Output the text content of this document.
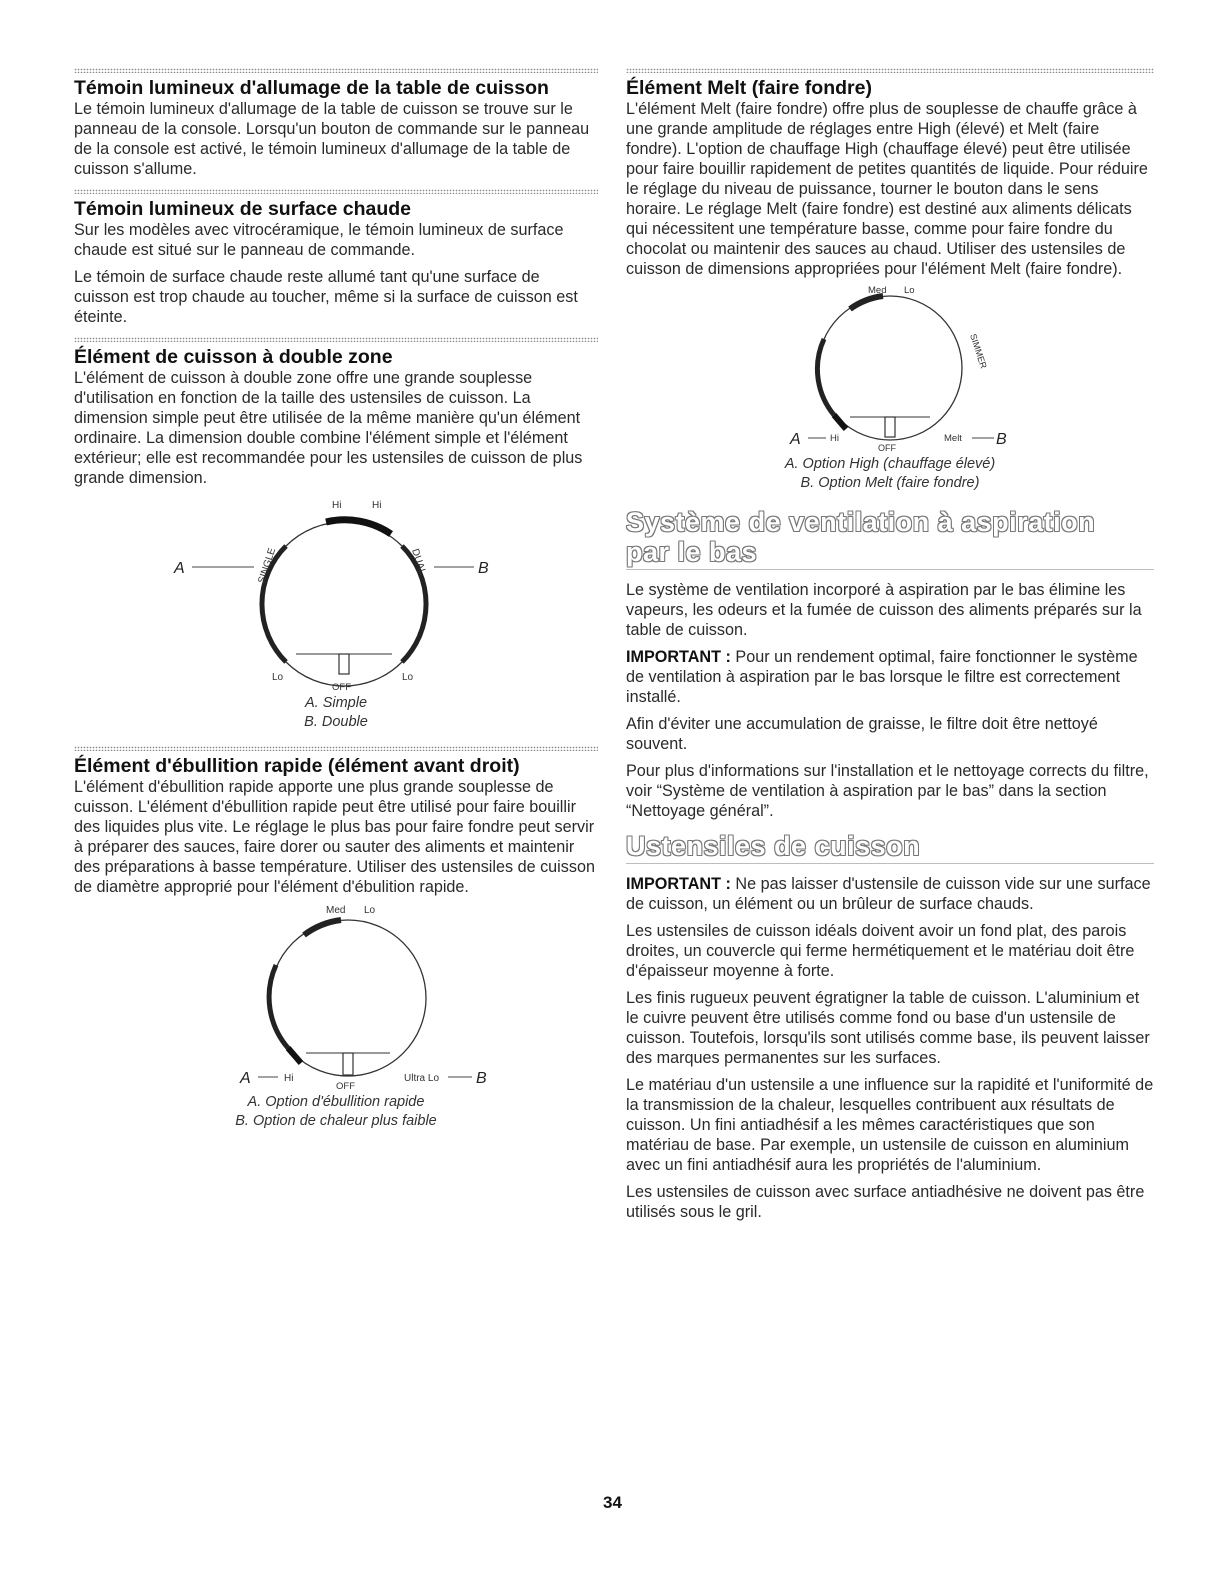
Témoin lumineux d'allumage de la table de cuisson

Le témoin lumineux d'allumage de la table de cuisson se trouve sur le panneau de la console. Lorsqu'un bouton de commande sur le panneau de la console est activé, le témoin lumineux d'allumage de la table de cuisson s'allume.

Témoin lumineux de surface chaude

Sur les modèles avec vitrocéramique, le témoin lumineux de surface chaude est situé sur le panneau de commande.

Le témoin de surface chaude reste allumé tant qu'une surface de cuisson est trop chaude au toucher, même si la surface de cuisson est éteinte.

Élément de cuisson à double zone

L'élément de cuisson à double zone offre une grande souplesse d'utilisation en fonction de la taille des ustensiles de cuisson. La dimension simple peut être utilisée de la même manière qu'un élément ordinaire. La dimension double combine l'élément simple et l'élément extérieur; elle est recommandée pour les ustensiles de cuisson de plus grande dimension.

Hi	Hi
SINGLE	DUAL
Lo	Lo
OFF
A	B
A. Simple
B. Double
Élément d'ébullition rapide (élément avant droit)

L'élément d'ébullition rapide apporte une plus grande souplesse de cuisson. L'élément d'ébullition rapide peut être utilisé pour faire bouillir des liquides plus vite. Le réglage le plus bas pour faire fondre peut servir à préparer des sauces, faire dorer ou sauter des aliments et maintenir des préparations à basse température. Utiliser des ustensiles de cuisson de diamètre approprié pour l'élément d'ébulition rapide.

Med Lo
Hi	Ultra Lo
OFF
A	B
A. Option d'ébullition rapide
B. Option de chaleur plus faible
Élément Melt (faire fondre)

L'élément Melt (faire fondre) offre plus de souplesse de chauffe grâce à une grande amplitude de réglages entre High (élevé) et Melt (faire fondre). L'option de chauffage High (chauffage élevé) peut être utilisée pour faire bouillir rapidement de petites quantités de liquide. Pour réduire le réglage du niveau de puissance, tourner le bouton dans le sens horaire. Le réglage Melt (faire fondre) est destiné aux aliments délicats qui nécessitent une température basse, comme pour faire fondre du chocolat ou maintenir des sauces au chaud. Utiliser des ustensiles de cuisson de dimensions appropriées pour l'élément Melt (faire fondre).

Med Lo
SIMMER
Hi	Melt
OFF
A	B
A. Option High (chauffage élevé)
B. Option Melt (faire fondre)
Système de ventilation à aspiration
par le bas

Le système de ventilation incorporé à aspiration par le bas élimine les vapeurs, les odeurs et la fumée de cuisson des aliments préparés sur la table de cuisson.

IMPORTANT : Pour un rendement optimal, faire fonctionner le système de ventilation à aspiration par le bas lorsque le filtre est correctement installé.

Afin d'éviter une accumulation de graisse, le filtre doit être nettoyé souvent.

Pour plus d'informations sur l'installation et le nettoyage corrects du filtre, voir “Système de ventilation à aspiration par le bas” dans la section “Nettoyage général”.

Ustensiles de cuisson

IMPORTANT : Ne pas laisser d'ustensile de cuisson vide sur une surface de cuisson, un élément ou un brûleur de surface chauds.

Les ustensiles de cuisson idéals doivent avoir un fond plat, des parois droites, un couvercle qui ferme hermétiquement et le matériau doit être d'épaisseur moyenne à forte.

Les finis rugueux peuvent égratigner la table de cuisson. L'aluminium et le cuivre peuvent être utilisés comme fond ou base d'un ustensile de cuisson. Toutefois, lorsqu'ils sont utilisés comme base, ils peuvent laisser des marques permanentes sur les surfaces.

Le matériau d'un ustensile a une influence sur la rapidité et l'uniformité de la transmission de la chaleur, lesquelles contribuent aux résultats de cuisson. Un fini antiadhésif a les mêmes caractéristiques que son matériau de base. Par exemple, un ustensile de cuisson en aluminium avec un fini antiadhésif aura les propriétés de l'aluminium.

Les ustensiles de cuisson avec surface antiadhésive ne doivent pas être utilisés sous le gril.

34
